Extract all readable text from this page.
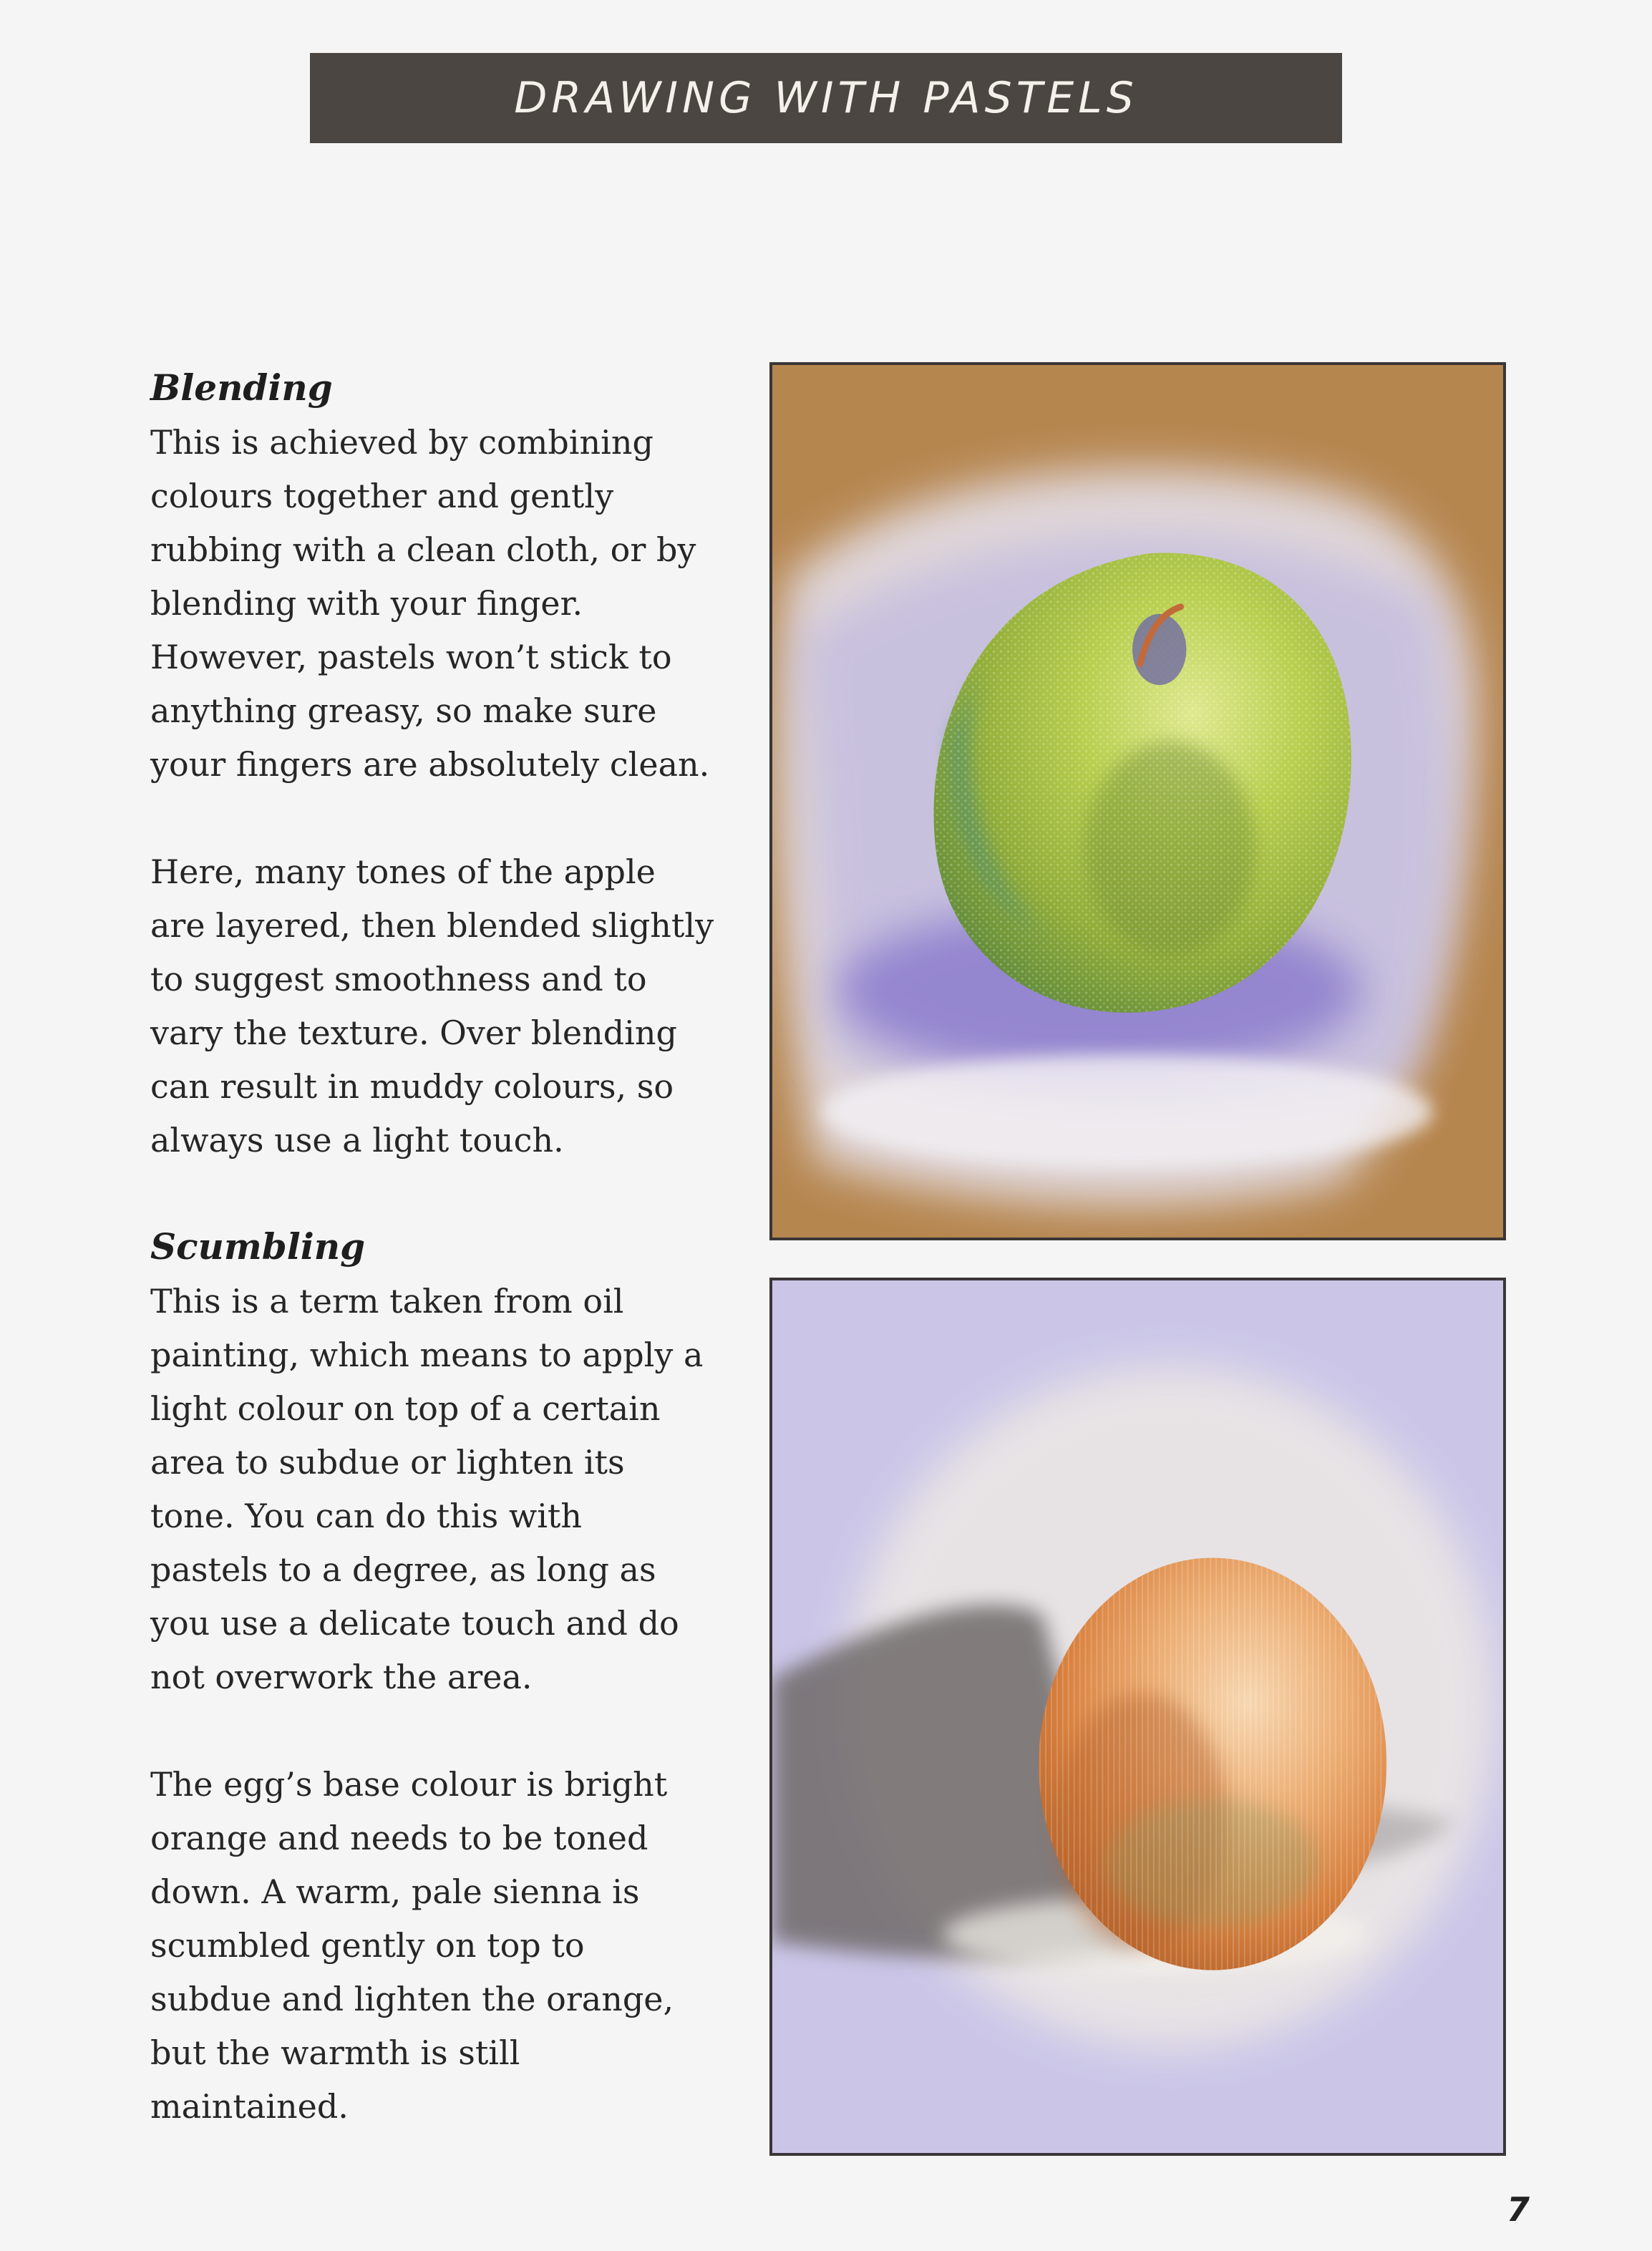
DRAWING WITH PASTELS
Blending

This is achieved by combining
colours together and gently
rubbing with a clean cloth, or by
blending with your finger.
However, pastels won’t stick to
anything greasy, so make sure
your fingers are absolutely clean.

Here, many tones of the apple
are layered, then blended slightly
to suggest smoothness and to
vary the texture. Over blending
can result in muddy colours, so
always use a light touch.

Scumbling

This is a term taken from oil
painting, which means to apply a
light colour on top of a certain
area to subdue or lighten its
tone. You can do this with
pastels to a degree, as long as
you use a delicate touch and do
not overwork the area.

The egg’s base colour is bright
orange and needs to be toned
down. A warm, pale sienna is
scumbled gently on top to
subdue and lighten the orange,
but the warmth is still
maintained.

7
